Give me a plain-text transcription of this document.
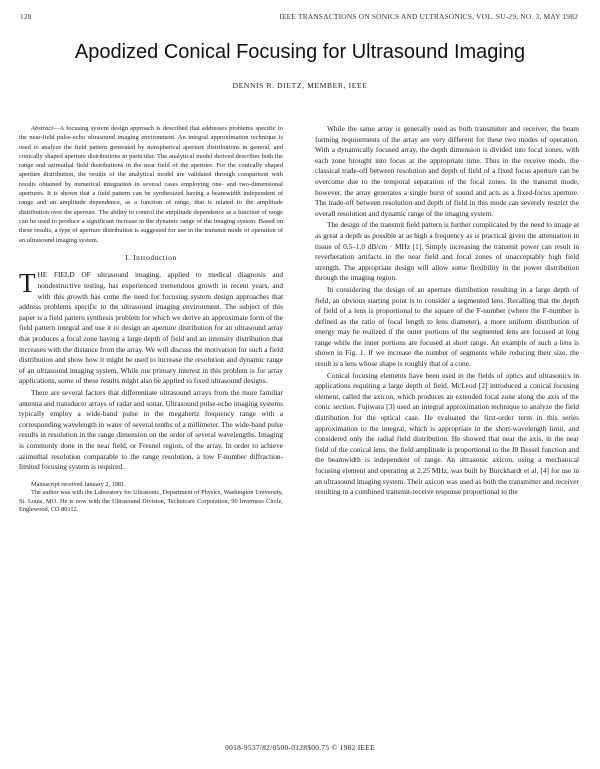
128	IEEE TRANSACTIONS ON SONICS AND ULTRASONICS, VOL. SU-29, NO. 3, MAY 1982
Apodized Conical Focusing for Ultrasound Imaging
DENNIS R. DIETZ, MEMBER, IEEE

Abstract—A focusing system design approach is described that addresses problems specific to the near-field pulse-echo ultrasound imaging environment. An integral approximation technique is used to analyze the field pattern generated by nonspherical aperture distributions in general, and conically shaped aperture distributions in particular. The analytical model derived describes both the range and azimuthal field distributions in the near field of the aperture. For the conically shaped aperture distribution, the results of the analytical model are validated through comparison with results obtained by numerical integration in several cases employing one- and two-dimensional apertures. It is shown that a field pattern can be synthesized having a beamwidth independent of range and an amplitude dependence, as a function of range, that is related to the amplitude distribution over the aperture. The ability to control the amplitude dependence as a function of range can be used to produce a significant increase in the dynamic range of the imaging system. Based on these results, a type of aperture distribution is suggested for use in the transmit mode of operation of an ultrasound imaging system.

I. Introduction

THE FIELD OF ultrasound imaging, applied to medical diagnosis and nondestructive testing, has experienced tremendous growth in recent years, and with this growth has come the need for focusing system design approaches that address problems specific to the ultrasound imaging environment. The subject of this paper is a field pattern synthesis problem for which we derive an approximate form of the field pattern integral and use it to design an aperture distribution for an ultrasound array that produces a focal zone having a large depth of field and an intensity distribution that increases with the distance from the array. We will discuss the motivation for such a field distribution and show how it might be used to increase the resolution and dynamic range of an ultrasound imaging system. While our primary interest in this problem is for array applications, some of these results might also be applied to fixed ultrasound designs.

There are several factors that differentiate ultrasound arrays from the more familiar antenna and transducer arrays of radar and sonar. Ultrasound pulse-echo imaging systems typically employ a wide-band pulse in the megahertz frequency range with a corresponding wavelength in water of several tenths of a millimeter. The wide-band pulse results in resolution in the range dimension on the order of several wavelengths. Imaging is commonly done in the near field, or Fresnel region, of the array. In order to achieve azimuthal resolution comparable to the range resolution, a low F-number diffraction-limited focusing system is required.

Manuscript received January 2, 1981.

The author was with the Laboratory for Ultrasonic, Department of Physics, Washington University, St. Louis, MO. He is now with the Ultrasound Division, Technicare Corporation, 90 Inverness Circle, Englewood, CO 80112.

While the same array is generally used as both transmitter and receiver, the beam forming requirements of the array are very different for these two modes of operation. With a dynamically focused array, the depth dimension is divided into focal zones, with each zone brought into focus at the appropriate time. Thus in the receive mode, the classical trade-off between resolution and depth of field of a fixed focus aperture can be overcome due to the temporal separation of the focal zones. In the transmit mode, however, the array generates a single burst of sound and acts as a fixed-focus aperture. The trade-off between resolution and depth of field in this mode can severely restrict the overall resolution and dynamic range of the imaging system.

The design of the transmit field pattern is further complicated by the need to image at as great a depth as possible at as high a frequency as is practical given the attenuation in tissue of 0.5–1.0 dB/cm · MHz [1]. Simply increasing the transmit power can result in reverberation artifacts in the near field and focal zones of unacceptably high field strength. The appropriate design will allow some flexibility in the power distribution through the imaging region.

In considering the design of an aperture distribution resulting in a large depth of field, an obvious starting point is to consider a segmented lens. Recalling that the depth of field of a lens is proportional to the square of the F-number (where the F-number is defined as the ratio of focal length to lens diameter), a more uniform distribution of energy may be realized if the outer portions of the segmented lens are focused at long range while the inner portions are focused at short range. An example of such a lens is shown in Fig. 1. If we increase the number of segments while reducing their size, the result is a lens whose shape is roughly that of a cone.

Conical focusing elements have been used in the fields of optics and ultrasonics in applications requiring a large depth of field. McLeod [2] introduced a conical focusing element, called the axicon, which produces an extended focal zone along the axis of the conic section. Fujiwara [3] used an integral approximation technique to analyze the field distribution for the optical case. He evaluated the first-order term in this series approximation to the integral, which is appropriate in the short-wavelength limit, and considered only the radial field distribution. He showed that near the axis, in the near field of the conical lens, the field amplitude is proportional to the J0 Bessel function and the beamwidth is independent of range. An ultrasonic axicon, using a mechanical focusing element and operating at 2.25 MHz, was built by Burckhardt et al. [4] for use in an ultrasound imaging system. Their axicon was used as both the transmitter and receiver resulting in a combined transmit-receive response proportional to the

0018-9537/82/0500-0128$00.75 © 1982 IEEE
